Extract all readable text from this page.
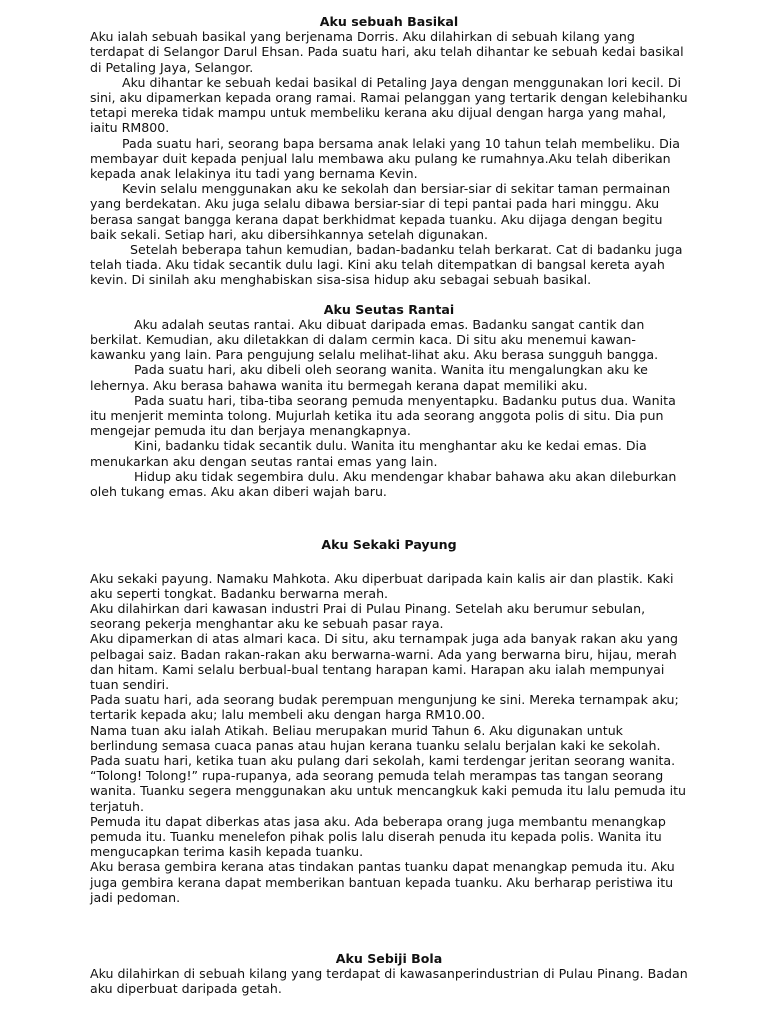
Aku sebuah Basikal

Aku ialah sebuah basikal yang berjenama Dorris. Aku dilahirkan di sebuah kilang yang terdapat di Selangor Darul Ehsan. Pada suatu hari, aku telah dihantar ke sebuah kedai basikal di Petaling Jaya, Selangor.

Aku dihantar ke sebuah kedai basikal di Petaling Jaya dengan menggunakan lori kecil. Di sini, aku dipamerkan kepada orang ramai. Ramai pelanggan yang tertarik dengan kelebihanku tetapi mereka tidak mampu untuk membeliku kerana aku dijual dengan harga yang mahal, iaitu RM800.

Pada suatu hari, seorang bapa bersama anak lelaki yang 10 tahun telah membeliku. Dia membayar duit kepada penjual lalu membawa aku pulang ke rumahnya.Aku telah diberikan kepada anak lelakinya itu tadi yang bernama Kevin.

Kevin selalu menggunakan aku ke sekolah dan bersiar-siar di sekitar taman permainan yang berdekatan. Aku juga selalu dibawa bersiar-siar di tepi pantai pada hari minggu. Aku berasa sangat bangga kerana dapat berkhidmat kepada tuanku. Aku dijaga dengan begitu baik sekali. Setiap hari, aku dibersihkannya setelah digunakan.

Setelah beberapa tahun kemudian, badan-badanku telah berkarat. Cat di badanku juga telah tiada. Aku tidak secantik dulu lagi. Kini aku telah ditempatkan di bangsal kereta ayah kevin. Di sinilah aku menghabiskan sisa-sisa hidup aku sebagai sebuah basikal.

Aku Seutas Rantai

Aku adalah seutas rantai. Aku dibuat daripada emas. Badanku sangat cantik dan berkilat. Kemudian, aku diletakkan di dalam cermin kaca. Di situ aku menemui kawan-kawanku yang lain. Para pengujung selalu melihat-lihat aku. Aku berasa sungguh bangga.

Pada suatu hari, aku dibeli oleh seorang wanita. Wanita itu mengalungkan aku ke lehernya. Aku berasa bahawa wanita itu bermegah kerana dapat memiliki aku.

Pada suatu hari, tiba-tiba seorang pemuda menyentapku. Badanku putus dua. Wanita itu menjerit meminta tolong. Mujurlah ketika itu ada seorang anggota polis di situ. Dia pun mengejar pemuda itu dan berjaya menangkapnya.

Kini, badanku tidak secantik dulu. Wanita itu menghantar aku ke kedai emas. Dia menukarkan aku dengan seutas rantai emas yang lain.

Hidup aku tidak segembira dulu. Aku mendengar khabar bahawa aku akan dileburkan oleh tukang emas. Aku akan diberi wajah baru.

Aku Sekaki Payung

Aku sekaki payung. Namaku Mahkota. Aku diperbuat daripada kain kalis air dan plastik. Kaki aku seperti tongkat. Badanku berwarna merah.

Aku dilahirkan dari kawasan industri Prai di Pulau Pinang. Setelah aku berumur sebulan, seorang pekerja menghantar aku ke sebuah pasar raya.

Aku dipamerkan di atas almari kaca. Di situ, aku ternampak juga ada banyak rakan aku yang pelbagai saiz. Badan rakan-rakan aku berwarna-warni. Ada yang berwarna biru, hijau, merah dan hitam. Kami selalu berbual-bual tentang harapan kami. Harapan aku ialah mempunyai tuan sendiri.

Pada suatu hari, ada seorang budak perempuan mengunjung ke sini. Mereka ternampak aku; tertarik kepada aku; lalu membeli aku dengan harga RM10.00.

Nama tuan aku ialah Atikah. Beliau merupakan murid Tahun 6. Aku digunakan untuk berlindung semasa cuaca panas atau hujan kerana tuanku selalu berjalan kaki ke sekolah. Pada suatu hari, ketika tuan aku pulang dari sekolah, kami terdengar jeritan seorang wanita. “Tolong! Tolong!” rupa-rupanya, ada seorang pemuda telah merampas tas tangan seorang wanita. Tuanku segera menggunakan aku untuk mencangkuk kaki pemuda itu lalu pemuda itu terjatuh.

Pemuda itu dapat diberkas atas jasa aku. Ada beberapa orang juga membantu menangkap pemuda itu. Tuanku menelefon pihak polis lalu diserah penuda itu kepada polis. Wanita itu mengucapkan terima kasih kepada tuanku.

Aku berasa gembira kerana atas tindakan pantas tuanku dapat menangkap pemuda itu. Aku juga gembira kerana dapat memberikan bantuan kepada tuanku. Aku berharap peristiwa itu jadi pedoman.

Aku Sebiji Bola

Aku dilahirkan di sebuah kilang yang terdapat di kawasanperindustrian di Pulau Pinang. Badan aku diperbuat daripada getah.
